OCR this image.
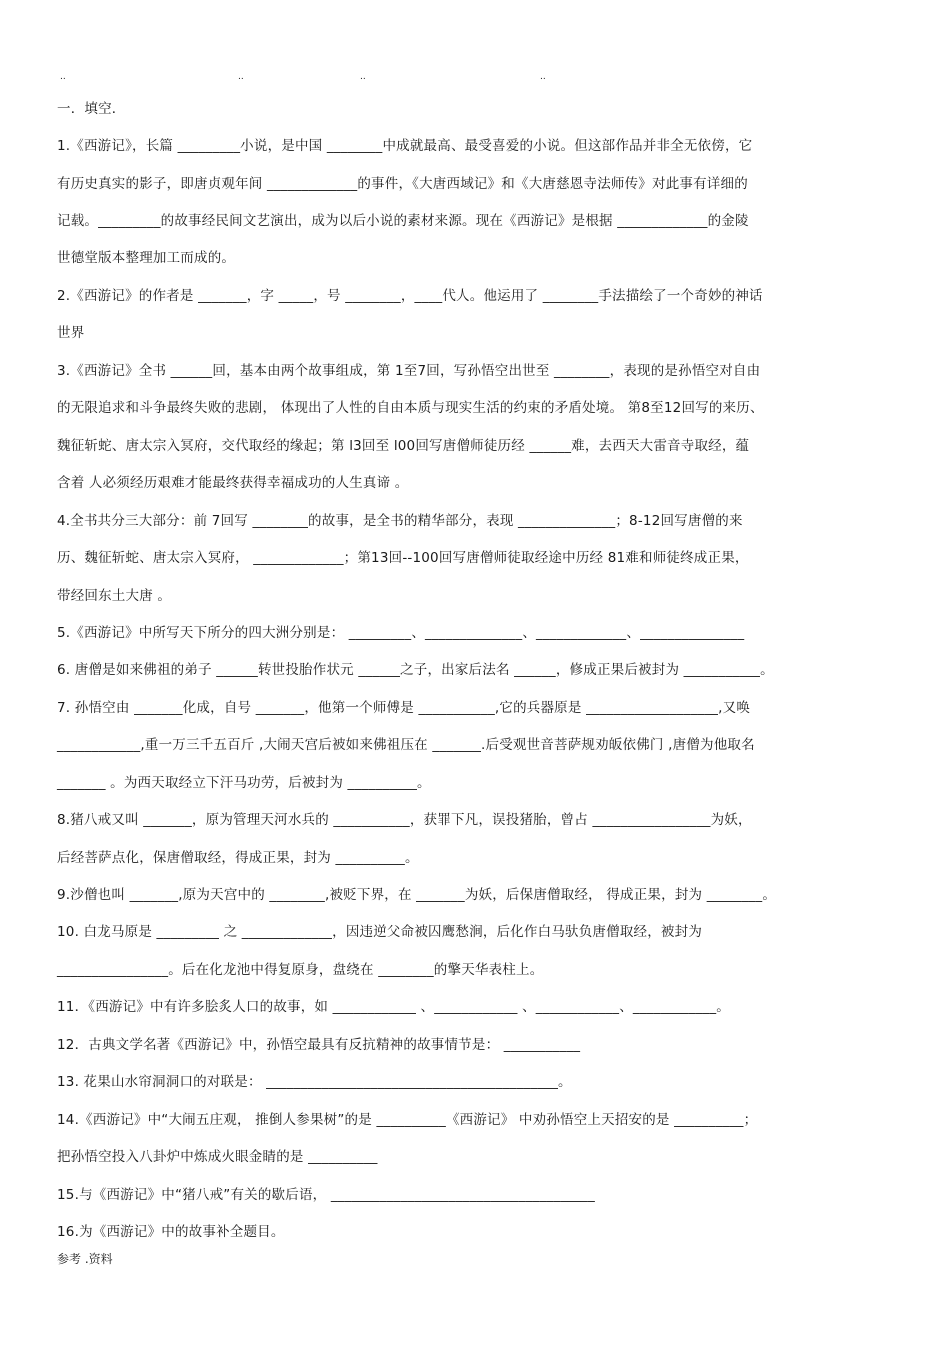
..	..	..	..
一．填空．
1.《西游记》，长篇 _________小说，是中国 ________中成就最高、最受喜爱的小说。但这部作品并非全无依傍，它
有历史真实的影子，即唐贞观年间 _____________的事件，《大唐西域记》和《大唐慈恩寺法师传》对此事有详细的
记载。_________的故事经民间文艺演出，成为以后小说的素材来源。现在《西游记》是根据 _____________的金陵
世德堂版本整理加工而成的。
2.《西游记》的作者是 _______，字 _____，号 ________，____代人。他运用了 ________手法描绘了一个奇妙的神话
世界
3.《西游记》全书 ______回，基本由两个故事组成，第 1至7回，写孙悟空出世至 ________，表现的是孙悟空对自由
的无限追求和斗争最终失败的悲剧， 体现出了人性的自由本质与现实生活的约束的矛盾处境。 第8至12回写的来历、
魏征斩蛇、唐太宗入冥府，交代取经的缘起；第 l3回至 l00回写唐僧师徒历经 ______难，去西天大雷音寺取经，蕴
含着 人必须经历艰难才能最终获得幸福成功的人生真谛 。
4.全书共分三大部分：前 7回写 ________的故事，是全书的精华部分，表现 ______________；8-12回写唐僧的来
历、魏征斩蛇、唐太宗入冥府， _____________；第13回--100回写唐僧师徒取经途中历经 81难和师徒终成正果，
带经回东土大唐 。
5.《西游记》中所写天下所分的四大洲分别是： _________、______________、_____________、_______________
6. 唐僧是如来佛祖的弟子 ______转世投胎作状元 ______之子，出家后法名 ______，修成正果后被封为 ___________。
7. 孙悟空由 _______化成，自号 _______，他第一个师傅是 ___________,它的兵器原是 ___________________,又唤
____________,重一万三千五百斤 ,大闹天宫后被如来佛祖压在 _______.后受观世音菩萨规劝皈依佛门 ,唐僧为他取名
_______ 。为西天取经立下汗马功劳，后被封为 __________。
8.猪八戒又叫 _______，原为管理天河水兵的 ___________，获罪下凡，误投猪胎，曾占 _________________为妖，
后经菩萨点化，保唐僧取经，得成正果，封为 __________。
9.沙僧也叫 _______,原为天宫中的 ________,被贬下界，在 _______为妖，后保唐僧取经， 得成正果，封为 ________。
10. 白龙马原是 _________ 之 _____________，因违逆父命被囚鹰愁涧，后化作白马驮负唐僧取经，被封为
________________。后在化龙池中得复原身，盘绕在 ________的擎天华表柱上。
11．《西游记》中有许多脍炙人口的故事，如 ____________ 、____________ 、____________、____________。
12．古典文学名著《西游记》中，孙悟空最具有反抗精神的故事情节是： ___________
13. 花果山水帘洞洞口的对联是： __________________________________________。
14.《西游记》中“大闹五庄观， 推倒人参果树”的是 __________《西游记》 中劝孙悟空上天招安的是 __________；
把孙悟空投入八卦炉中炼成火眼金睛的是 __________
15.与《西游记》中“猪八戒”有关的歇后语， ______________________________________
16.为《西游记》中的故事补全题目。
参考 .资料
